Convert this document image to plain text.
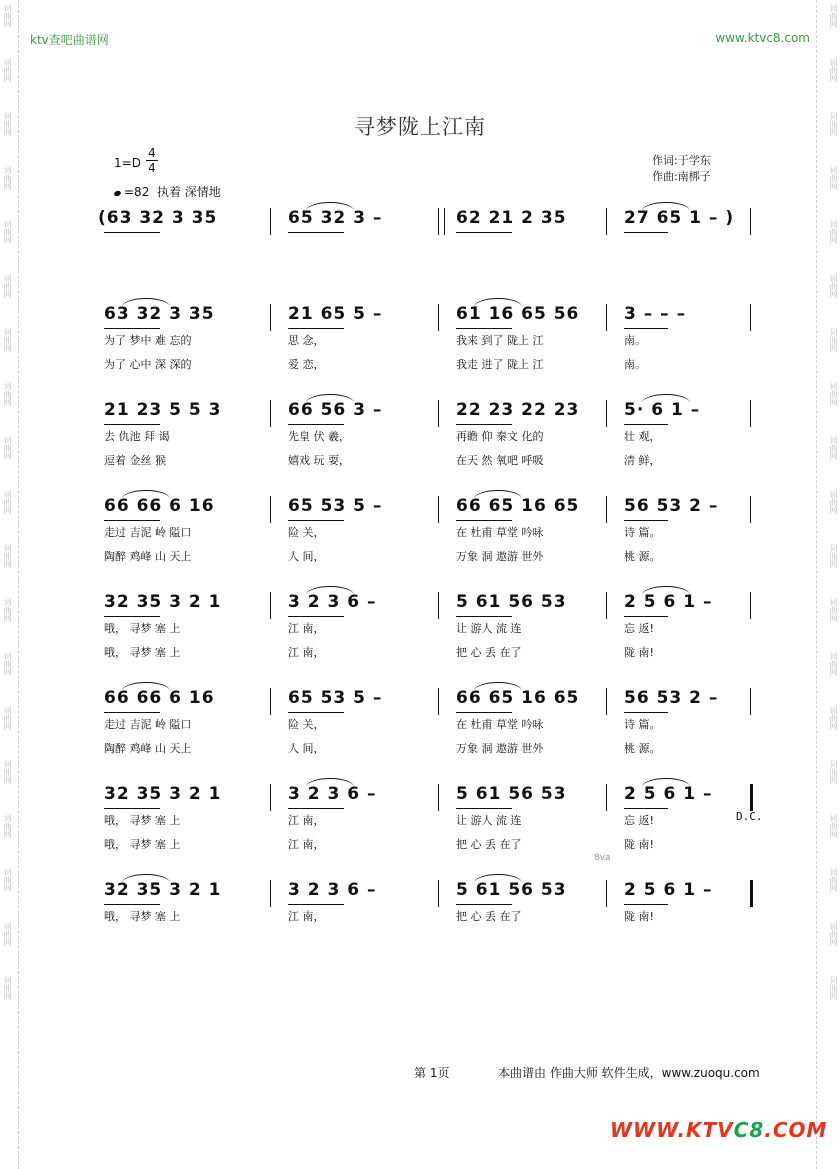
词曲网
词曲网
词曲网
词曲网
词曲网
词曲网
词曲网
词曲网
词曲网
词曲网
词曲网
词曲网
词曲网
词曲网
词曲网
词曲网
词曲网
词曲网
词曲网
词曲网
词曲网
词曲网
词曲网
词曲网
词曲网
词曲网
词曲网
词曲网
词曲网
词曲网
词曲网
词曲网
词曲网
词曲网
词曲网
词曲网
词曲网
词曲网
ktv查吧曲谱网	www.ktvc8.com
寻梦陇上江南
1=D
4
4
=82 执着 深情地
作词:于学东
作曲:南梆子
(63 32 3 35	65 32 3 –	62 21 2 35	27 65 1 – )
63 32 3 35	21 65 5 –	61 16 65 56	3 – – –
为了 梦中 难 忘的	思 念，	我来 到了 陇上 江	南。
为了 心中 深 深的	爱 恋，	我走 进了 陇上 江	南。
21 23 5 5 3	66 56 3 –	22 23 22 23	5· 6 1 –
去 仇池 拜 谒	先皇 伏 羲，	再瞻 仰 秦文 化的	壮 观，
逗着 金丝 猴	嬉戏 玩 耍，	在天 然 氧吧 呼吸	清 鲜，
66 66 6 16	65 53 5 –	66 65 16 65	56 53 2 –
走过 吉泥 岭 隘口	险 关，	在 杜甫 草堂 吟咏	诗 篇。
陶醉 鸡峰 山 天上	人 间，	万象 洞 遨游 世外	桃 源。
32 35 3 2 1	3 2 3 6 –	5 61 56 53	2 5 6 1 –
哦， 寻梦 塞 上	江 南，	让 游人 流 连	忘 返!
哦， 寻梦 塞 上	江 南，	把 心 丢 在了	陇 南!
66 66 6 16	65 53 5 –	66 65 16 65	56 53 2 –
走过 吉泥 岭 隘口	险 关，	在 杜甫 草堂 吟咏	诗 篇。
陶醉 鸡峰 山 天上	人 间，	万象 洞 遨游 世外	桃 源。
32 35 3 2 1	3 2 3 6 –	5 61 56 53	2 5 6 1 –
哦， 寻梦 塞 上	江 南，	让 游人 流 连	忘 返!
哦， 寻梦 塞 上	江 南，	把 心 丢 在了	陇 南!
32 35 3 2 1	3 2 3 6 –	5 61 56 53	2 5 6 1 –
哦， 寻梦 塞 上	江 南，	把 心 丢 在了	陇 南!
D.C.
8va
第 1页	本曲谱由 作曲大师 软件生成，www.zuoqu.com
WWW.KTVC8.COM
